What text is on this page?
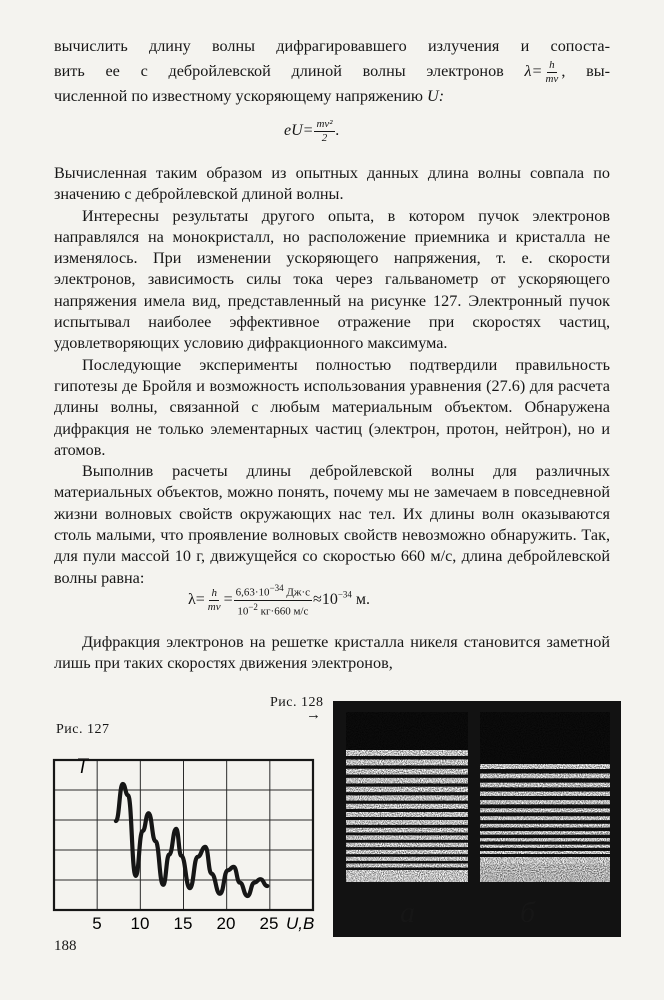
вычислить длину волны дифрагировавшего излучения и сопоста-

вить ее с дебройлевской длиной волны электронов $\lambda= \frac{h}{mv}$ , вы-

численной по известному ускоряющему напряжению U:

$eU= \frac{\text{mv²}}{2}$ .

Вычисленная таким образом из опытных данных длина волны совпала по значению с дебройлевской длиной волны.

Интересны результаты другого опыта, в котором пучок электронов направлялся на монокристалл, но расположение приемника и кристалла не изменялось. При изменении ускоряющего напряжения, т. е. скорости электронов, зависимость силы тока через гальванометр от ускоряющего напряжения имела вид, представленный на рисунке 127. Электронный пучок испытывал наиболее эффективное отражение при скоростях частиц, удовлетворяющих условию дифракционного максимума.

Последующие эксперименты полностью подтвердили правильность гипотезы де Бройля и возможность использования уравнения (27.6) для расчета длины волны, связанной с любым материальным объектом. Обнаружена дифракция не только элементарных частиц (электрон, протон, нейтрон), но и атомов.

Выполнив расчеты длины дебройлевской волны для различных материальных объектов, можно понять, почему мы не замечаем в повседневной жизни волновых свойств окружающих нас тел. Их длины волн оказываются столь малыми, что проявление волновых свойств невозможно обнаружить. Так, для пули массой 10 г, движущейся со скоростью 660 м/с, длина дебройлевской волны равна:

$\lambda= \frac{h}{mv} = \frac{6,63\cdot 10^{-34} Дж\cdot с}{10^{-2} кг\cdot 660 м/с} \approx 10^{-34}$ м.

Дифракция электронов на решетке кристалла никеля становится заметной лишь при таких скоростях движения электронов,

Рис. 127
I
5 10 15 20 25 U,B
Рис. 128
→
а	б
188
